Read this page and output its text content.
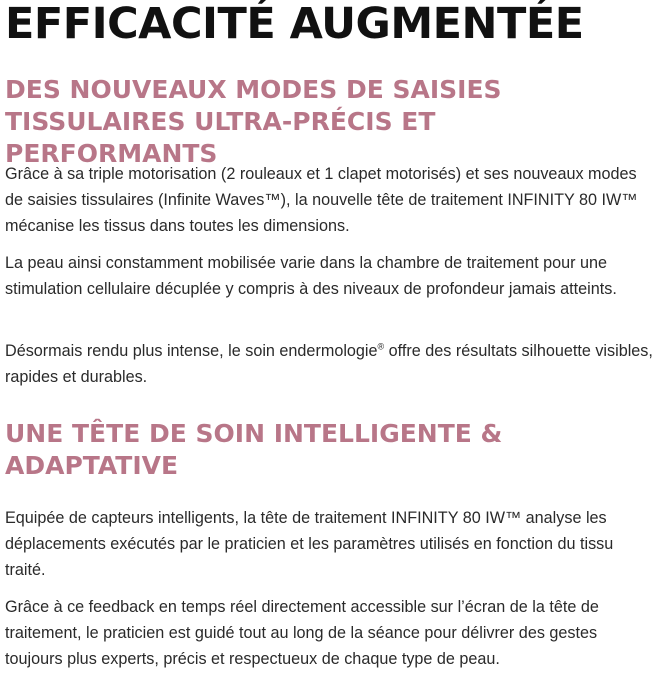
EFFICACITÉ AUGMENTÉE
DES NOUVEAUX MODES DE SAISIES TISSULAIRES ULTRA-PRÉCIS ET PERFORMANTS

Grâce à sa triple motorisation (2 rouleaux et 1 clapet motorisés) et ses nouveaux modes de saisies tissulaires (Infinite Waves™), la nouvelle tête de traitement INFINITY 80 IW™ mécanise les tissus dans toutes les dimensions.

La peau ainsi constamment mobilisée varie dans la chambre de traitement pour une stimulation cellulaire décuplée y compris à des niveaux de profondeur jamais atteints.

Désormais rendu plus intense, le soin endermologie® offre des résultats silhouette visibles, rapides et durables.

UNE TÊTE DE SOIN INTELLIGENTE & ADAPTATIVE

Equipée de capteurs intelligents, la tête de traitement INFINITY 80 IW™ analyse les déplacements exécutés par le praticien et les paramètres utilisés en fonction du tissu traité.

Grâce à ce feedback en temps réel directement accessible sur l’écran de la tête de traitement, le praticien est guidé tout au long de la séance pour délivrer des gestes toujours plus experts, précis et respectueux de chaque type de peau.
